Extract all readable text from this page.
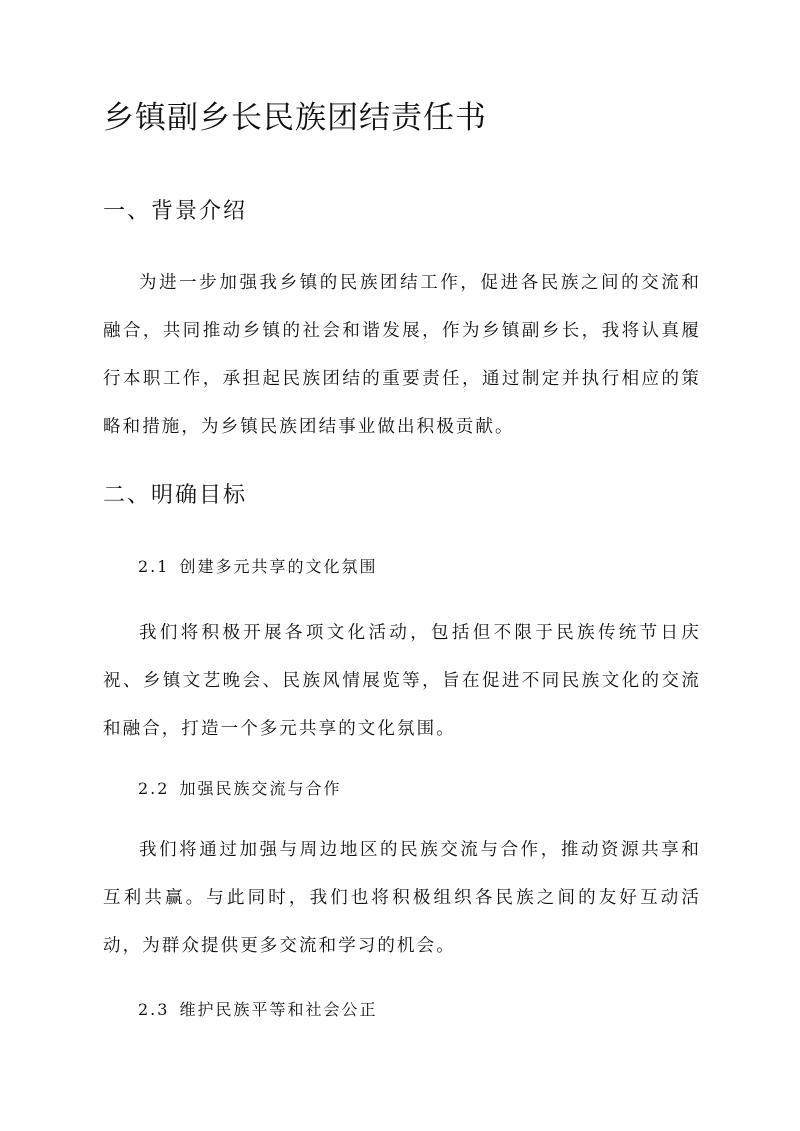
乡镇副乡长民族团结责任书
一、背景介绍

为进一步加强我乡镇的民族团结工作，促进各民族之间的交流和融合，共同推动乡镇的社会和谐发展，作为乡镇副乡长，我将认真履行本职工作，承担起民族团结的重要责任，通过制定并执行相应的策略和措施，为乡镇民族团结事业做出积极贡献。

二、明确目标
2.1 创建多元共享的文化氛围

我们将积极开展各项文化活动，包括但不限于民族传统节日庆祝、乡镇文艺晚会、民族风情展览等，旨在促进不同民族文化的交流和融合，打造一个多元共享的文化氛围。

2.2 加强民族交流与合作

我们将通过加强与周边地区的民族交流与合作，推动资源共享和互利共赢。与此同时，我们也将积极组织各民族之间的友好互动活动，为群众提供更多交流和学习的机会。

2.3 维护民族平等和社会公正
